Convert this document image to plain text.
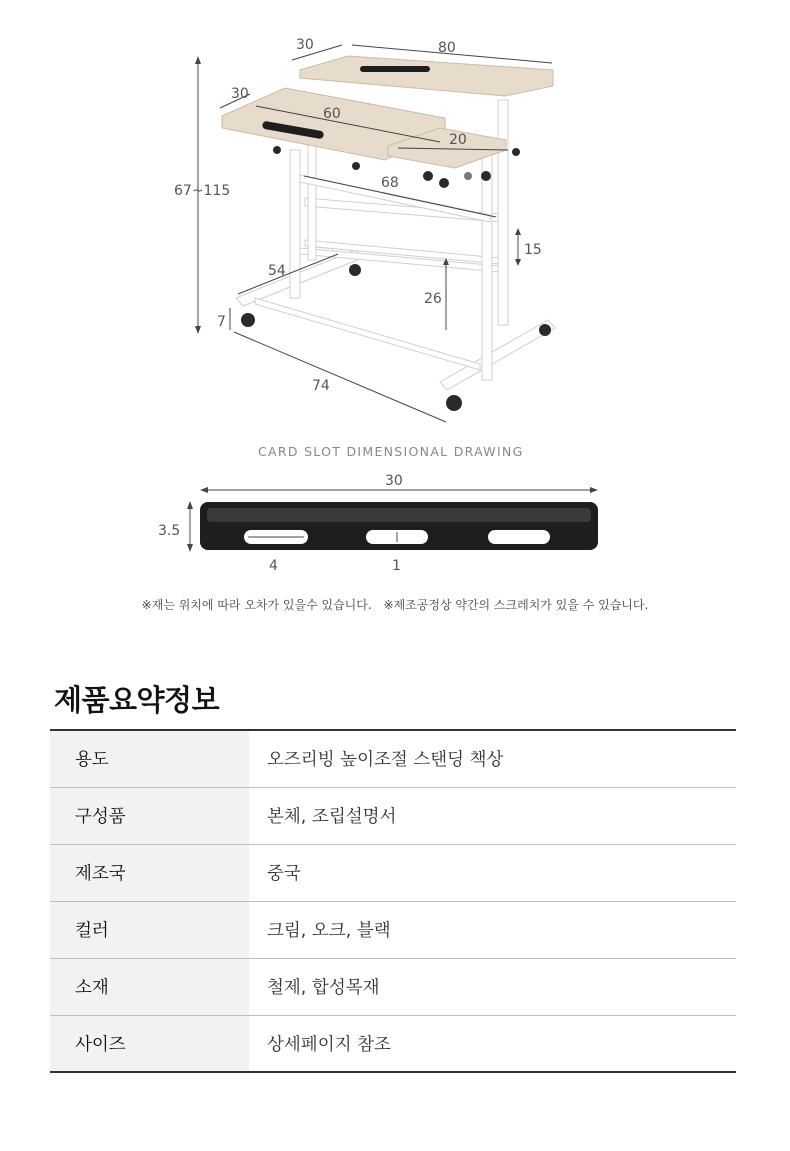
30	80
30
60
20
68
67~115
15
54
26
7
74
CARD SLOT DIMENSIONAL DRAWING
30
3.5
4	1
※재는 위치에 따라 오차가 있을수 있습니다. ※제조공정상 약간의 스크레치가 있을 수 있습니다.
제품요약정보
용도	오즈리빙 높이조절 스탠딩 책상
구성품	본체, 조립설명서
제조국	중국
컬러	크림, 오크, 블랙
소재	철제, 합성목재
사이즈	상세페이지 참조
